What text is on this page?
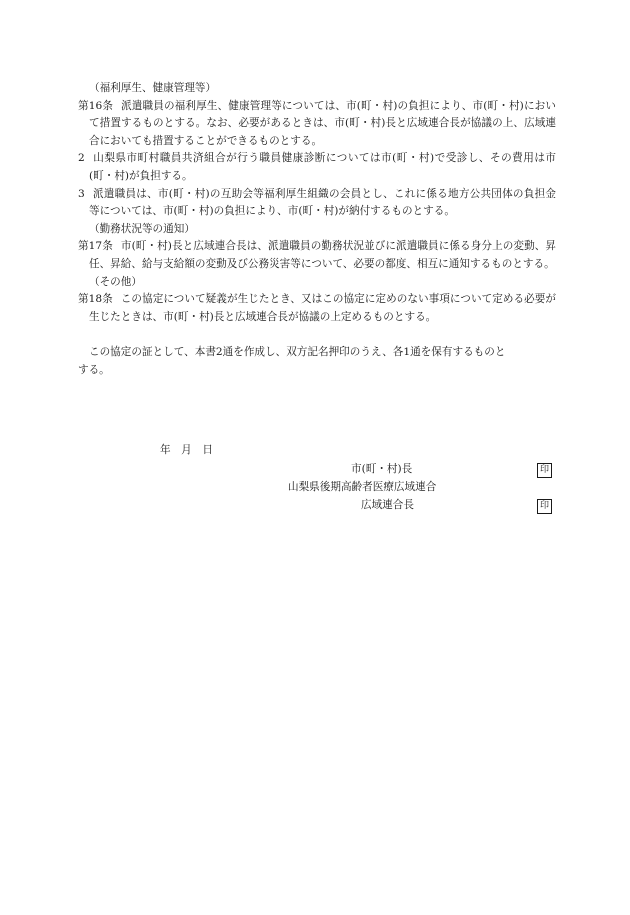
（福利厚生、健康管理等）
第16条 派遣職員の福利厚生、健康管理等については、市(町・村)の負担により、市(町・村)において措置するものとする。なお、必要があるときは、市(町・村)長と広域連合長が協議の上、広域連合においても措置することができるものとする。
2 山梨県市町村職員共済組合が行う職員健康診断については市(町・村)で受診し、その費用は市(町・村)が負担する。
3 派遣職員は、市(町・村)の互助会等福利厚生組織の会員とし、これに係る地方公共団体の負担金等については、市(町・村)の負担により、市(町・村)が納付するものとする。
（勤務状況等の通知）
第17条 市(町・村)長と広域連合長は、派遣職員の勤務状況並びに派遣職員に係る身分上の変動、昇任、昇給、給与支給額の変動及び公務災害等について、必要の都度、相互に通知するものとする。
（その他）
第18条 この協定について疑義が生じたとき、又はこの協定に定めのない事項について定める必要が生じたときは、市(町・村)長と広域連合長が協議の上定めるものとする。
この協定の証として、本書2通を作成し、双方記名押印のうえ、各1通を保有するものと
する。
年　月　日
市(町・村)長	印
山梨県後期高齢者医療広域連合
広域連合長	印
